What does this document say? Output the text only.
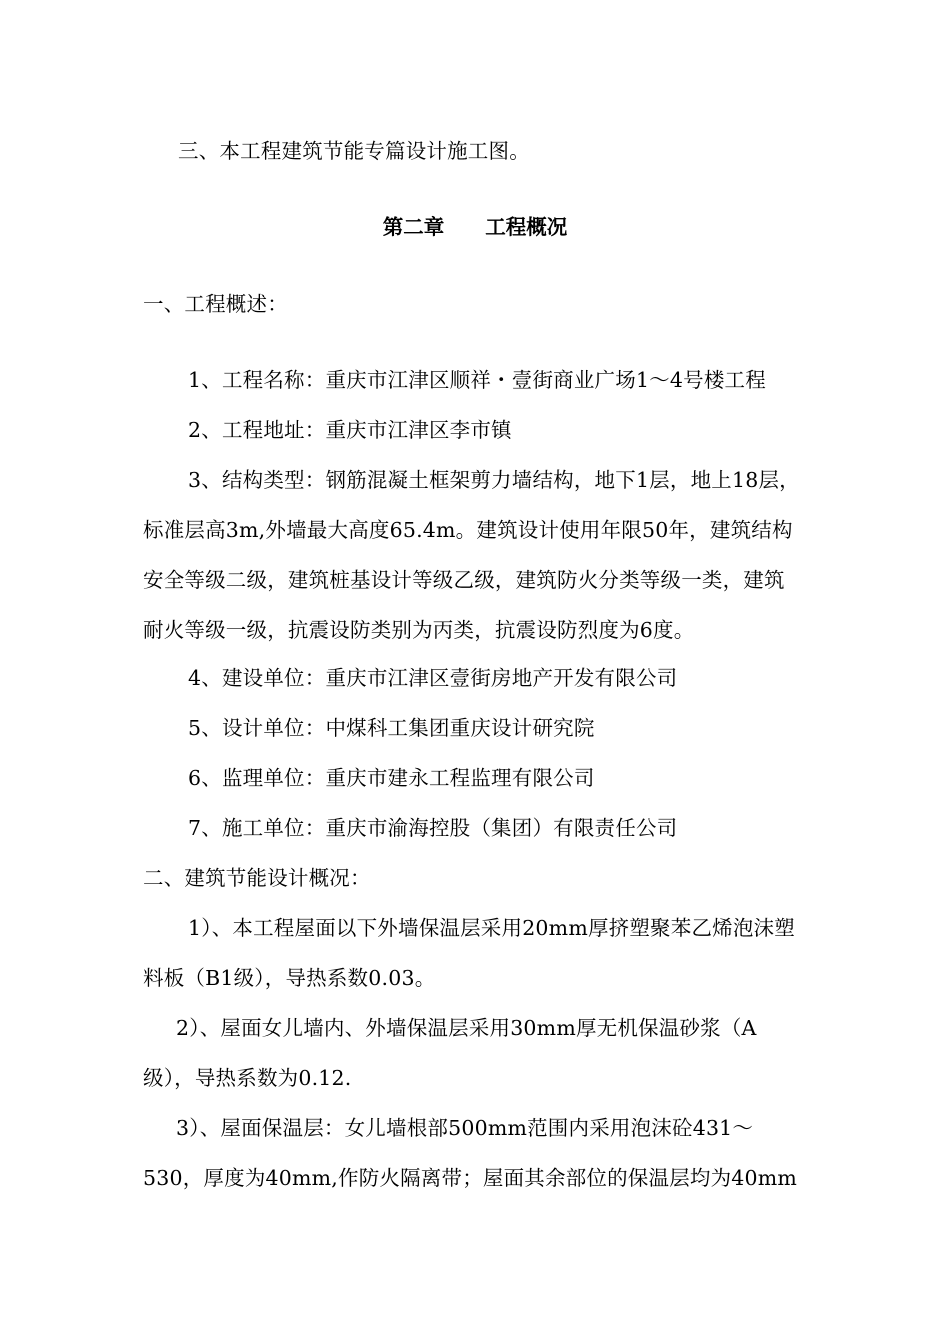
三、本工程建筑节能专篇设计施工图。
第二章　　工程概况
一、工程概述：
1、工程名称：重庆市江津区顺祥・壹街商业广场1～4号楼工程
2、工程地址：重庆市江津区李市镇
3、结构类型：钢筋混凝土框架剪力墙结构，地下1层，地上18层，
标准层高3m,外墙最大高度65.4m。建筑设计使用年限50年，建筑结构
安全等级二级，建筑桩基设计等级乙级，建筑防火分类等级一类，建筑
耐火等级一级，抗震设防类别为丙类，抗震设防烈度为6度。
4、建设单位：重庆市江津区壹街房地产开发有限公司
5、设计单位：中煤科工集团重庆设计研究院
6、监理单位：重庆市建永工程监理有限公司
7、施工单位：重庆市渝海控股（集团）有限责任公司
二、建筑节能设计概况：
1）、本工程屋面以下外墙保温层采用20mm厚挤塑聚苯乙烯泡沫塑
料板（B1级），导热系数0.03。
2）、屋面女儿墙内、外墙保温层采用30mm厚无机保温砂浆（A
级），导热系数为0.12.
3）、屋面保温层：女儿墙根部500mm范围内采用泡沫砼431～
530，厚度为40mm,作防火隔离带；屋面其余部位的保温层均为40mm
